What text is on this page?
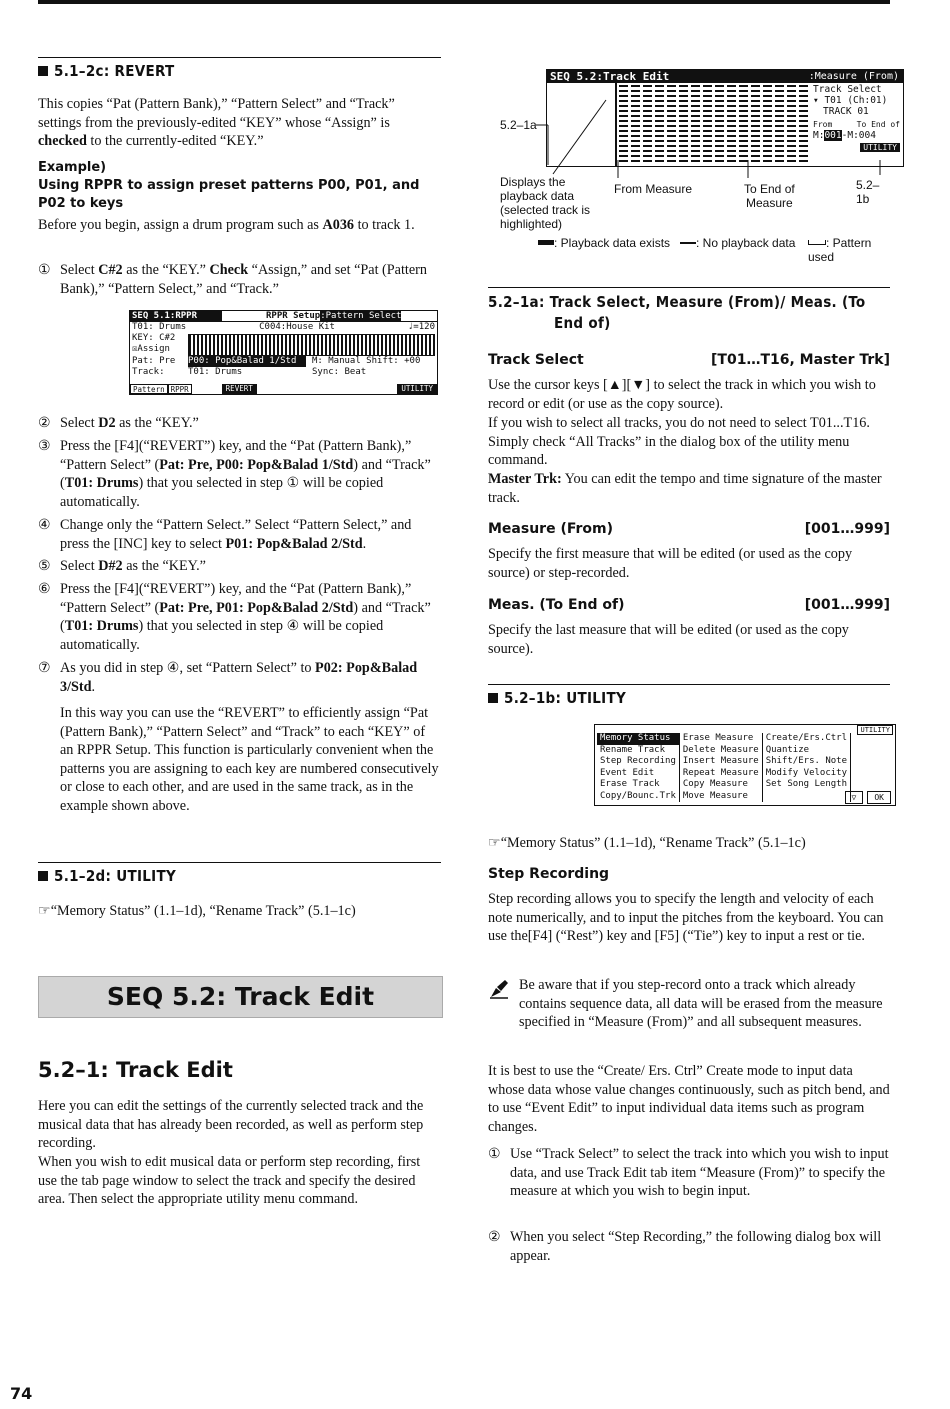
5.1–2c: REVERT
This copies “Pat (Pattern Bank),” “Pattern Select” and “Track” settings from the previously-edited “KEY” whose “Assign” is checked to the currently-edited “KEY.”
Example)
Using RPPR to assign preset patterns P00, P01, and P02 to keys
Before you begin, assign a drum program such as A036 to track 1.
① Select C#2 as the “KEY.” Check “Assign,” and set “Pat (Pattern Bank),” “Pattern Select,” and “Track.”
SEQ 5.1:RPPR	RPPR Setup:Pattern Select
T01: Drums	C004:House Kit	♩=120
KEY: C#2
☒Assign
Pat: Pre	P00: Pop&Balad 1/Std	M: Manual Shift: +00
Track:	T01: Drums	Sync: Beat
Pattern RPPR	REVERT	UTILITY
② Select D2 as the “KEY.”
③ Press the [F4](“REVERT”) key, and the “Pat (Pattern Bank),” “Pattern Select” (Pat: Pre, P00: Pop&Balad 1/Std) and “Track” (T01: Drums) that you selected in step ① will be copied automatically.
④ Change only the “Pattern Select.” Select “Pattern Select,” and press the [INC] key to select P01: Pop&Balad 2/Std.
⑤ Select D#2 as the “KEY.”
⑥ Press the [F4](“REVERT”) key, and the “Pat (Pattern Bank),” “Pattern Select” (Pat: Pre, P01: Pop&Balad 2/Std) and “Track” (T01: Drums) that you selected in step ④ will be copied automatically.
⑦ As you did in step ④, set “Pattern Select” to P02: Pop&Balad 3/Std.
In this way you can use the “REVERT” to efficiently assign “Pat (Pattern Bank),” “Pattern Select” and “Track” to each “KEY” of an RPPR Setup. This function is particularly convenient when the patterns you are assigning to each key are numbered consecutively or close to each other, and are used in the same track, as in the example shown above.
5.1–2d: UTILITY
☞“Memory Status” (1.1–1d), “Rename Track” (5.1–1c)
SEQ 5.2: Track Edit
5.2–1: Track Edit
Here you can edit the settings of the currently selected track and the musical data that has already been recorded, as well as perform step recording.
When you wish to edit musical data or perform step recording, first use the tab page window to select the track and specify the desired area. Then select the appropriate utility menu command.
SEQ 5.2:Track Edit	:Measure (From)
Track Select
▾ T01 (Ch:01)
TRACK 01
From	To End of
M:001-M:004
UTILITY
5.2–1a
5.2–1b
Displays the playback data (selected track is highlighted)
From Measure	To End of
Measure
: Playback data exists	: No playback data	: Pattern used
5.2–1a: Track Select, Measure (From)/ Meas. (To End of)
Track Select	[T01…T16, Master Trk]
Use the cursor keys [▲][▼] to select the track in which you wish to record or edit (or use as the copy source).
If you wish to select all tracks, you do not need to select T01...T16. Simply check “All Tracks” in the dialog box of the utility menu command.
Master Trk: You can edit the tempo and time signature of the master track.
Measure (From)	[001…999]
Specify the first measure that will be edited (or used as the copy source) or step-recorded.
Meas. (To End of)	[001…999]
Specify the last measure that will be edited (or used as the copy source).
5.2–1b: UTILITY
UTILITY
Memory Status	Erase Measure	Create/Ers.Ctrl
Rename Track	Delete Measure	Quantize
Step Recording	Insert Measure	Shift/Ers. Note
Event Edit	Repeat Measure	Modify Velocity
Erase Track	Copy Measure	Set Song Length
Copy/Bounc.Trk	Move Measure		▽	OK
☞“Memory Status” (1.1–1d), “Rename Track” (5.1–1c)
Step Recording
Step recording allows you to specify the length and velocity of each note numerically, and to input the pitches from the keyboard. You can use the[F4] (“Rest”) key and [F5] (“Tie”) key to input a rest or tie.
Be aware that if you step-record onto a track which already contains sequence data, all data will be erased from the measure specified in “Measure (From)” and all subsequent measures.
It is best to use the “Create/ Ers. Ctrl” Create mode to input data whose data whose value changes continuously, such as pitch bend, and to use “Event Edit” to input individual data items such as program changes.
① Use “Track Select” to select the track into which you wish to input data, and use Track Edit tab item “Measure (From)” to specify the measure at which you wish to begin input.
② When you select “Step Recording,” the following dialog box will appear.
74
